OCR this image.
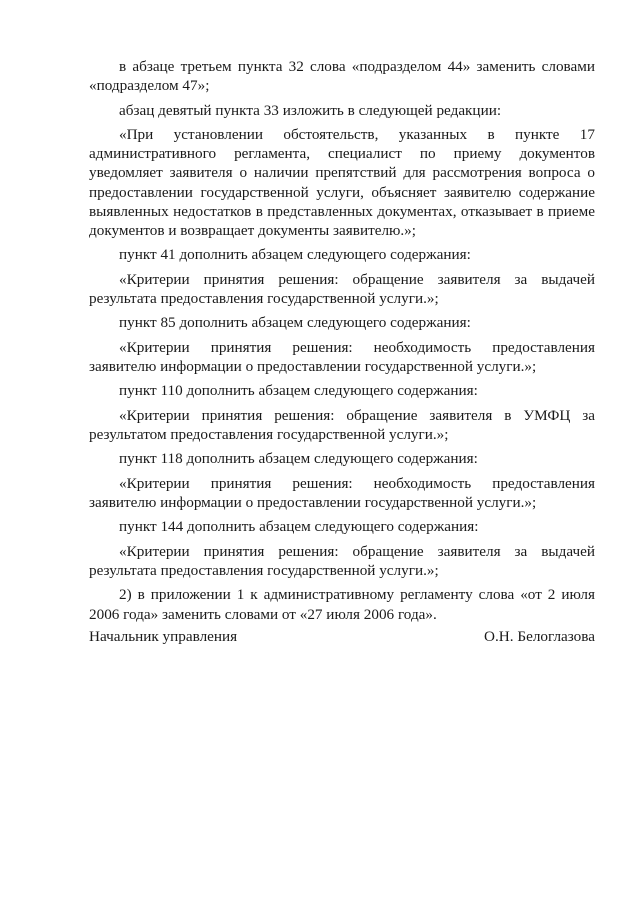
в абзаце третьем пункта 32 слова «подразделом 44» заменить словами «подразделом 47»;

абзац девятый пункта 33 изложить в следующей редакции:

«При установлении обстоятельств, указанных в пункте 17 административного регламента, специалист по приему документов уведомляет заявителя о наличии препятствий для рассмотрения вопроса о предоставлении государственной услуги, объясняет заявителю содержание выявленных недостатков в представленных документах, отказывает в приеме документов и возвращает документы заявителю.»;

пункт 41 дополнить абзацем следующего содержания:

«Критерии принятия решения: обращение заявителя за выдачей результата предоставления государственной услуги.»;

пункт 85 дополнить абзацем следующего содержания:

«Критерии принятия решения: необходимость предоставления заявителю информации о предоставлении государственной услуги.»;

пункт 110 дополнить абзацем следующего содержания:

«Критерии принятия решения: обращение заявителя в УМФЦ за результатом предоставления государственной услуги.»;

пункт 118 дополнить абзацем следующего содержания:

«Критерии принятия решения: необходимость предоставления заявителю информации о предоставлении государственной услуги.»;

пункт 144 дополнить абзацем следующего содержания:

«Критерии принятия решения: обращение заявителя за выдачей результата предоставления государственной услуги.»;

2) в приложении 1 к административному регламенту слова «от 2 июля 2006 года» заменить словами от «27 июля 2006 года».

Начальник управления	О.Н. Белоглазова
